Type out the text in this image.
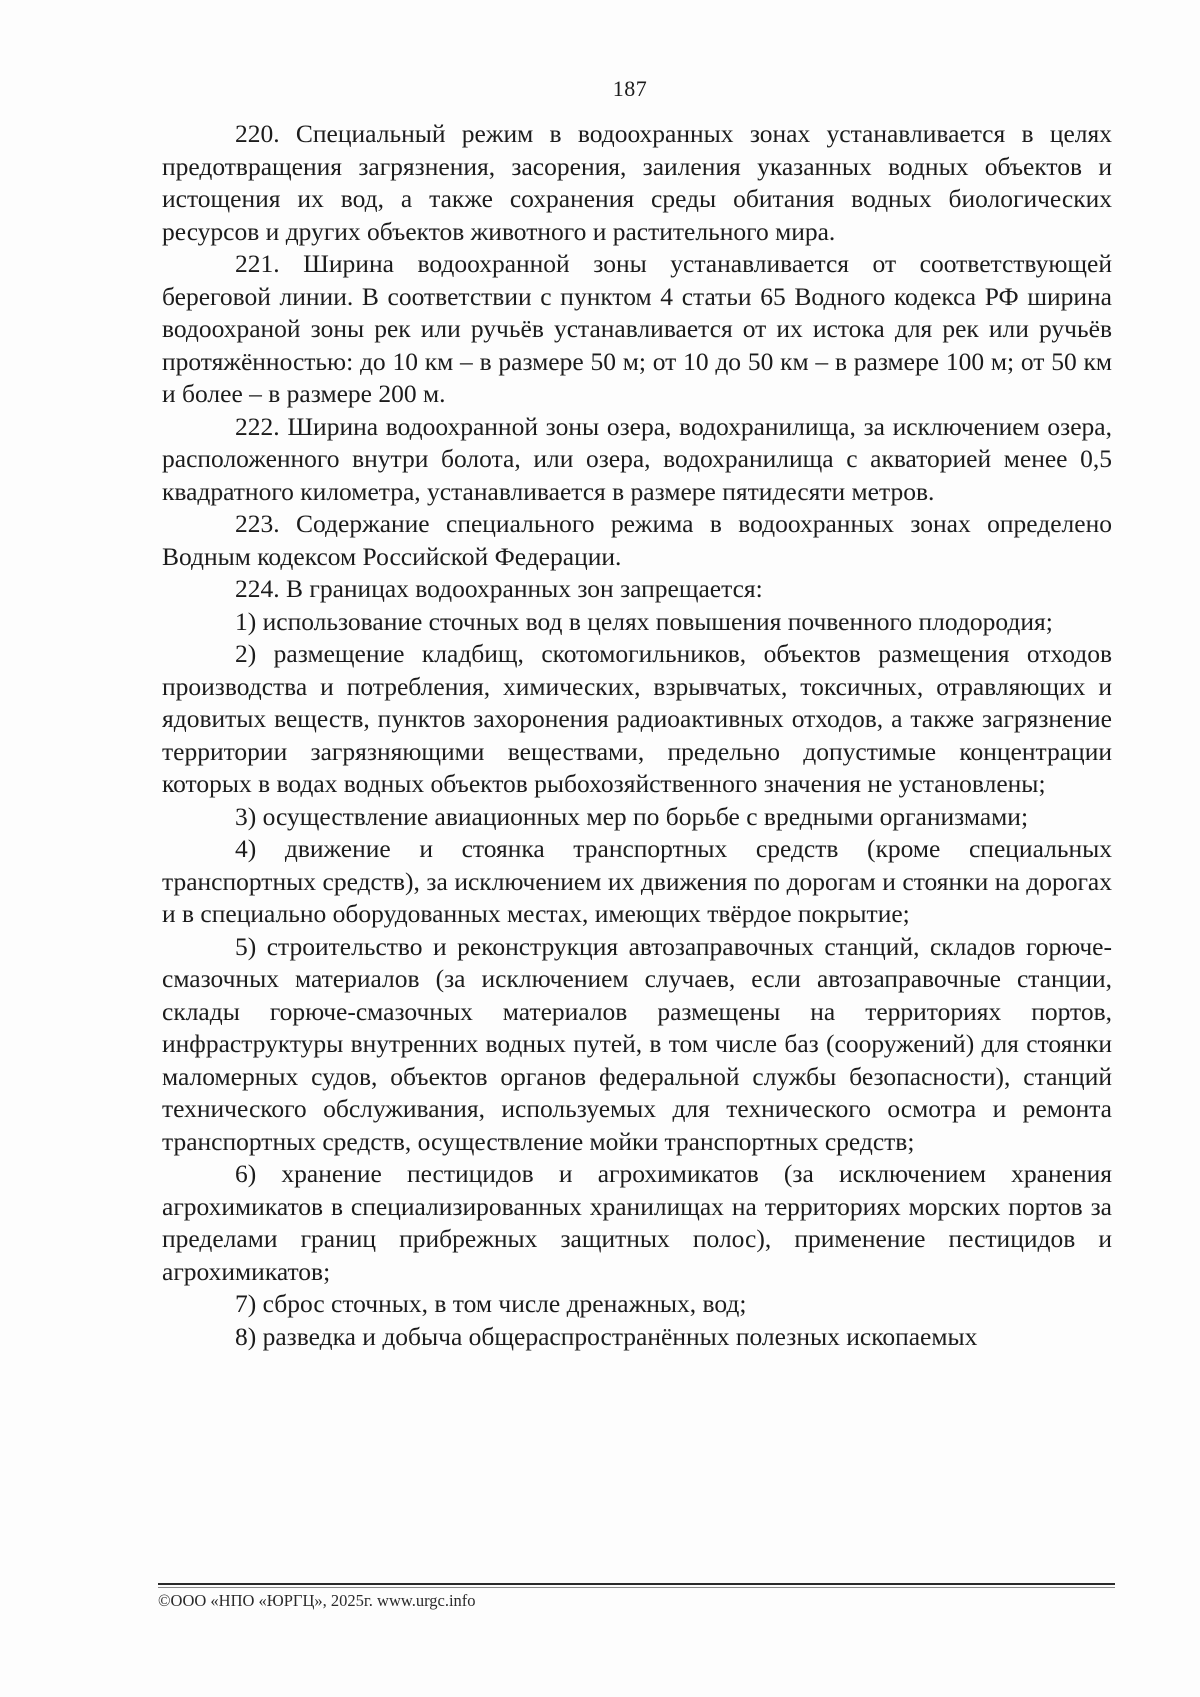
187

220. Специальный режим в водоохранных зонах устанавливается в целях предотвращения загрязнения, засорения, заиления указанных водных объектов и истощения их вод, а также сохранения среды обитания водных биологических ресурсов и других объектов животного и растительного мира.

221. Ширина водоохранной зоны устанавливается от соответствующей береговой линии. В соответствии с пунктом 4 статьи 65 Водного кодекса РФ ширина водоохраной зоны рек или ручьёв устанавливается от их истока для рек или ручьёв протяжённостью: до 10 км – в размере 50 м; от 10 до 50 км – в размере 100 м; от 50 км и более – в размере 200 м.

222. Ширина водоохранной зоны озера, водохранилища, за исключением озера, расположенного внутри болота, или озера, водохранилища с акваторией менее 0,5 квадратного километра, устанавливается в размере пятидесяти метров.

223. Содержание специального режима в водоохранных зонах определено Водным кодексом Российской Федерации.

224. В границах водоохранных зон запрещается:

1) использование сточных вод в целях повышения почвенного плодородия;

2) размещение кладбищ, скотомогильников, объектов размещения отходов производства и потребления, химических, взрывчатых, токсичных, отравляющих и ядовитых веществ, пунктов захоронения радиоактивных отходов, а также загрязнение территории загрязняющими веществами, предельно допустимые концентрации которых в водах водных объектов рыбохозяйственного значения не установлены;

3) осуществление авиационных мер по борьбе с вредными организмами;

4) движение и стоянка транспортных средств (кроме специальных транспортных средств), за исключением их движения по дорогам и стоянки на дорогах и в специально оборудованных местах, имеющих твёрдое покрытие;

5) строительство и реконструкция автозаправочных станций, складов горюче-смазочных материалов (за исключением случаев, если автозаправочные станции, склады горюче-смазочных материалов размещены на территориях портов, инфраструктуры внутренних водных путей, в том числе баз (сооружений) для стоянки маломерных судов, объектов органов федеральной службы безопасности), станций технического обслуживания, используемых для технического осмотра и ремонта транспортных средств, осуществление мойки транспортных средств;

6) хранение пестицидов и агрохимикатов (за исключением хранения агрохимикатов в специализированных хранилищах на территориях морских портов за пределами границ прибрежных защитных полос), применение пестицидов и агрохимикатов;

7) сброс сточных, в том числе дренажных, вод;

8) разведка и добыча общераспространённых полезных ископаемых

©ООО «НПО «ЮРГЦ», 2025г. www.urgc.info
